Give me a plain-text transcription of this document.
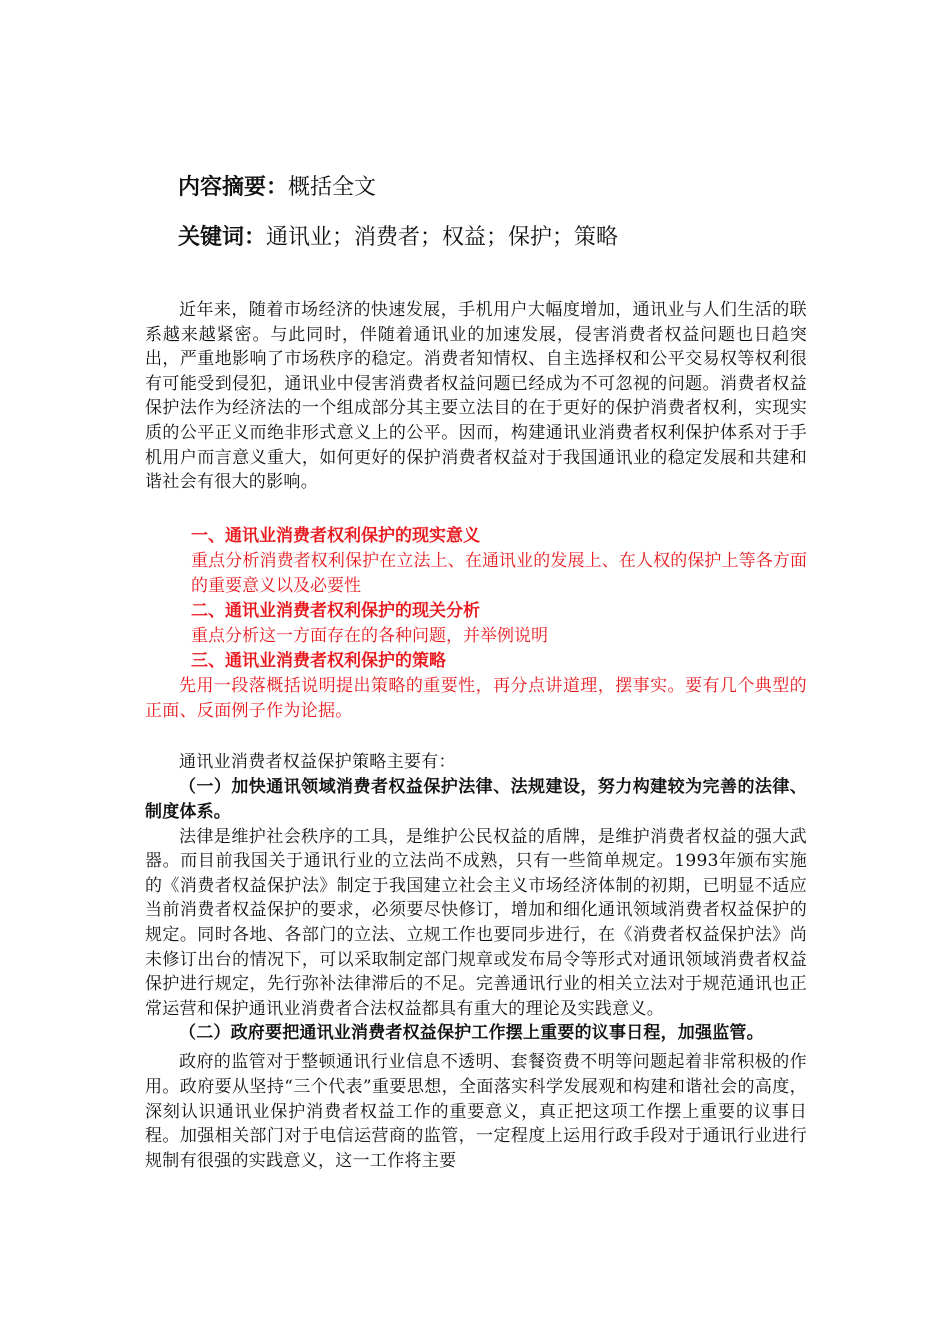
内容摘要：概括全文
关键词：通讯业；消费者；权益；保护；策略

近年来，随着市场经济的快速发展，手机用户大幅度增加，通讯业与人们生活的联系越来越紧密。与此同时，伴随着通讯业的加速发展，侵害消费者权益问题也日趋突出，严重地影响了市场秩序的稳定。消费者知情权、自主选择权和公平交易权等权利很有可能受到侵犯，通讯业中侵害消费者权益问题已经成为不可忽视的问题。消费者权益保护法作为经济法的一个组成部分其主要立法目的在于更好的保护消费者权利，实现实质的公平正义而绝非形式意义上的公平。因而，构建通讯业消费者权利保护体系对于手机用户而言意义重大，如何更好的保护消费者权益对于我国通讯业的稳定发展和共建和谐社会有很大的影响。

一、通讯业消费者权利保护的现实意义

重点分析消费者权利保护在立法上、在通讯业的发展上、在人权的保护上等各方面的重要意义以及必要性

二、通讯业消费者权利保护的现关分析

重点分析这一方面存在的各种问题，并举例说明

三、通讯业消费者权利保护的策略

先用一段落概括说明提出策略的重要性，再分点讲道理，摆事实。要有几个典型的正面、反面例子作为论据。

通讯业消费者权益保护策略主要有：

（一）加快通讯领域消费者权益保护法律、法规建设，努力构建较为完善的法律、制度体系。

法律是维护社会秩序的工具，是维护公民权益的盾牌，是维护消费者权益的强大武器。而目前我国关于通讯行业的立法尚不成熟，只有一些简单规定。1993年颁布实施的《消费者权益保护法》制定于我国建立社会主义市场经济体制的初期，已明显不适应当前消费者权益保护的要求，必须要尽快修订，增加和细化通讯领域消费者权益保护的规定。同时各地、各部门的立法、立规工作也要同步进行，在《消费者权益保护法》尚未修订出台的情况下，可以采取制定部门规章或发布局令等形式对通讯领域消费者权益保护进行规定，先行弥补法律滞后的不足。完善通讯行业的相关立法对于规范通讯也正常运营和保护通讯业消费者合法权益都具有重大的理论及实践意义。

（二）政府要把通讯业消费者权益保护工作摆上重要的议事日程，加强监管。

政府的监管对于整顿通讯行业信息不透明、套餐资费不明等问题起着非常积极的作用。政府要从坚持“三个代表”重要思想，全面落实科学发展观和构建和谐社会的高度，深刻认识通讯业保护消费者权益工作的重要意义，真正把这项工作摆上重要的议事日程。加强相关部门对于电信运营商的监管，一定程度上运用行政手段对于通讯行业进行规制有很强的实践意义，这一工作将主要
